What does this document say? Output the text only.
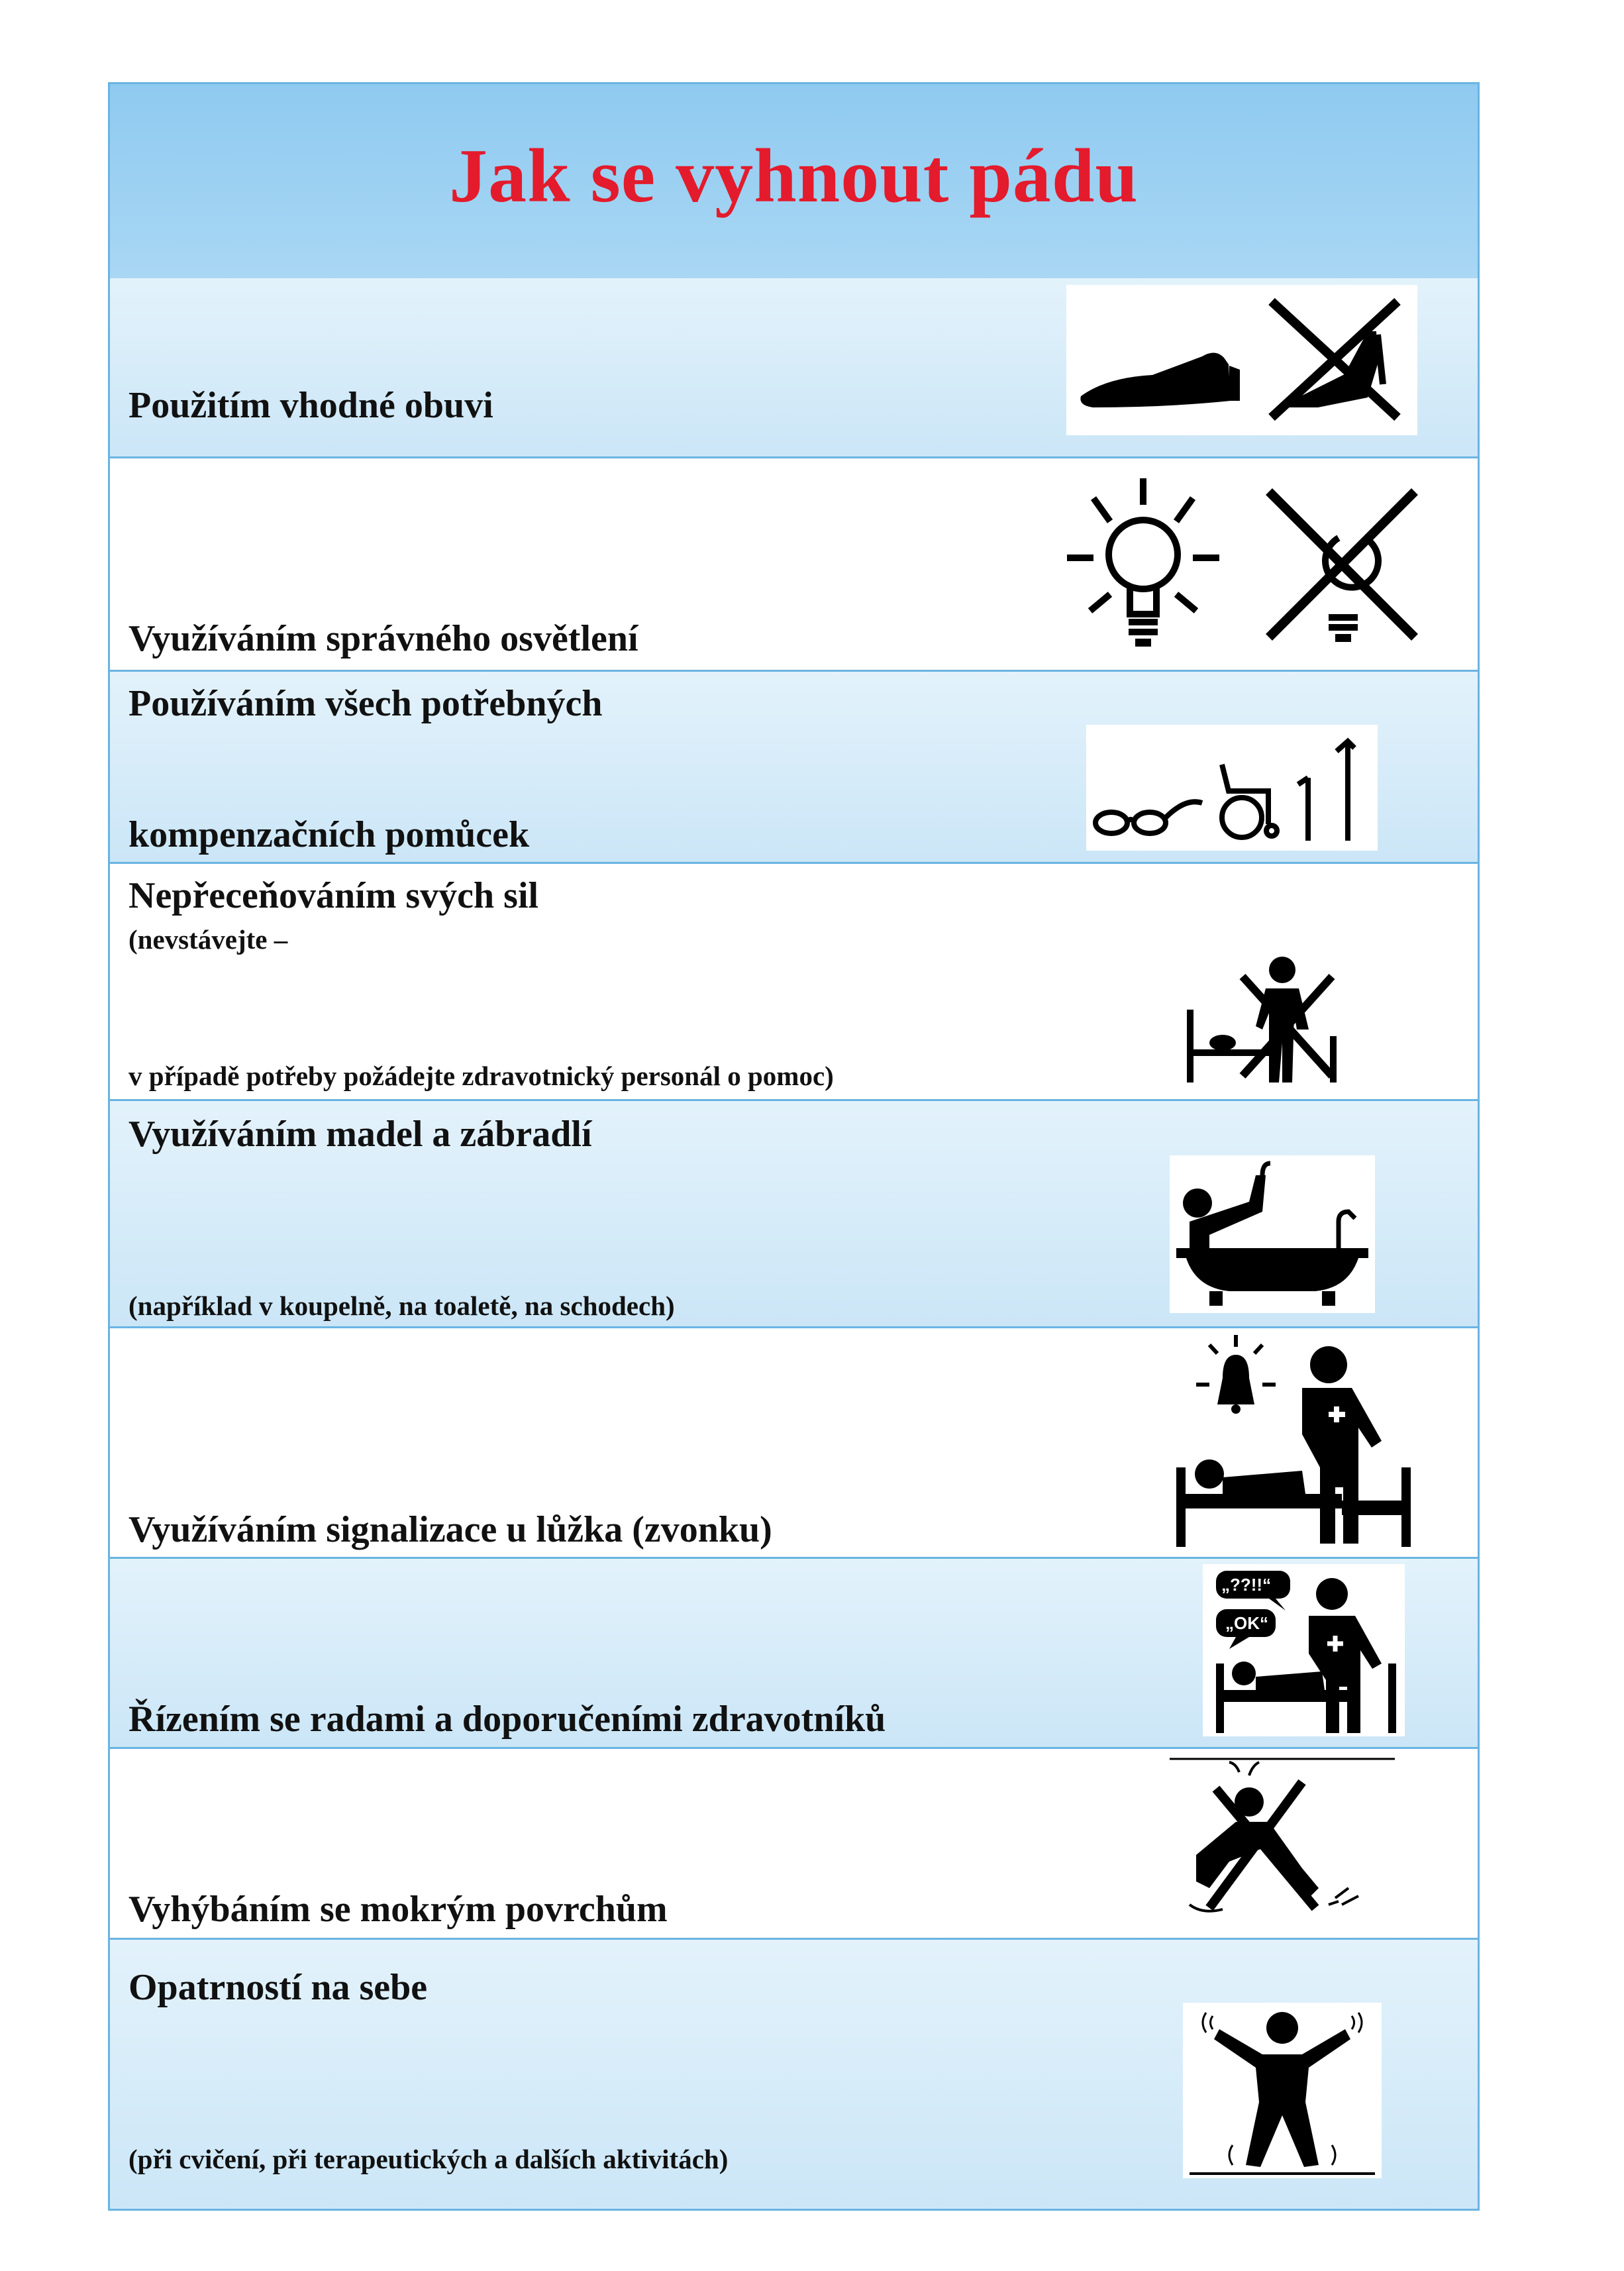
Jak se vyhnout pádu
Použitím vhodné obuvi
Využíváním správného osvětlení
Používáním všech potřebných
kompenzačních pomůcek
Nepřeceňováním svých sil
(nevstávejte –
v případě potřeby požádejte zdravotnický personál o pomoc)
Využíváním madel a zábradlí
(například v koupelně, na toaletě, na schodech)
Využíváním signalizace u lůžka (zvonku)
Řízením se radami a doporučeními zdravotníků
„??!!“
„OK“
Vyhýbáním se mokrým povrchům
Opatrností na sebe
(při cvičení, při terapeutických a dalších aktivitách)
